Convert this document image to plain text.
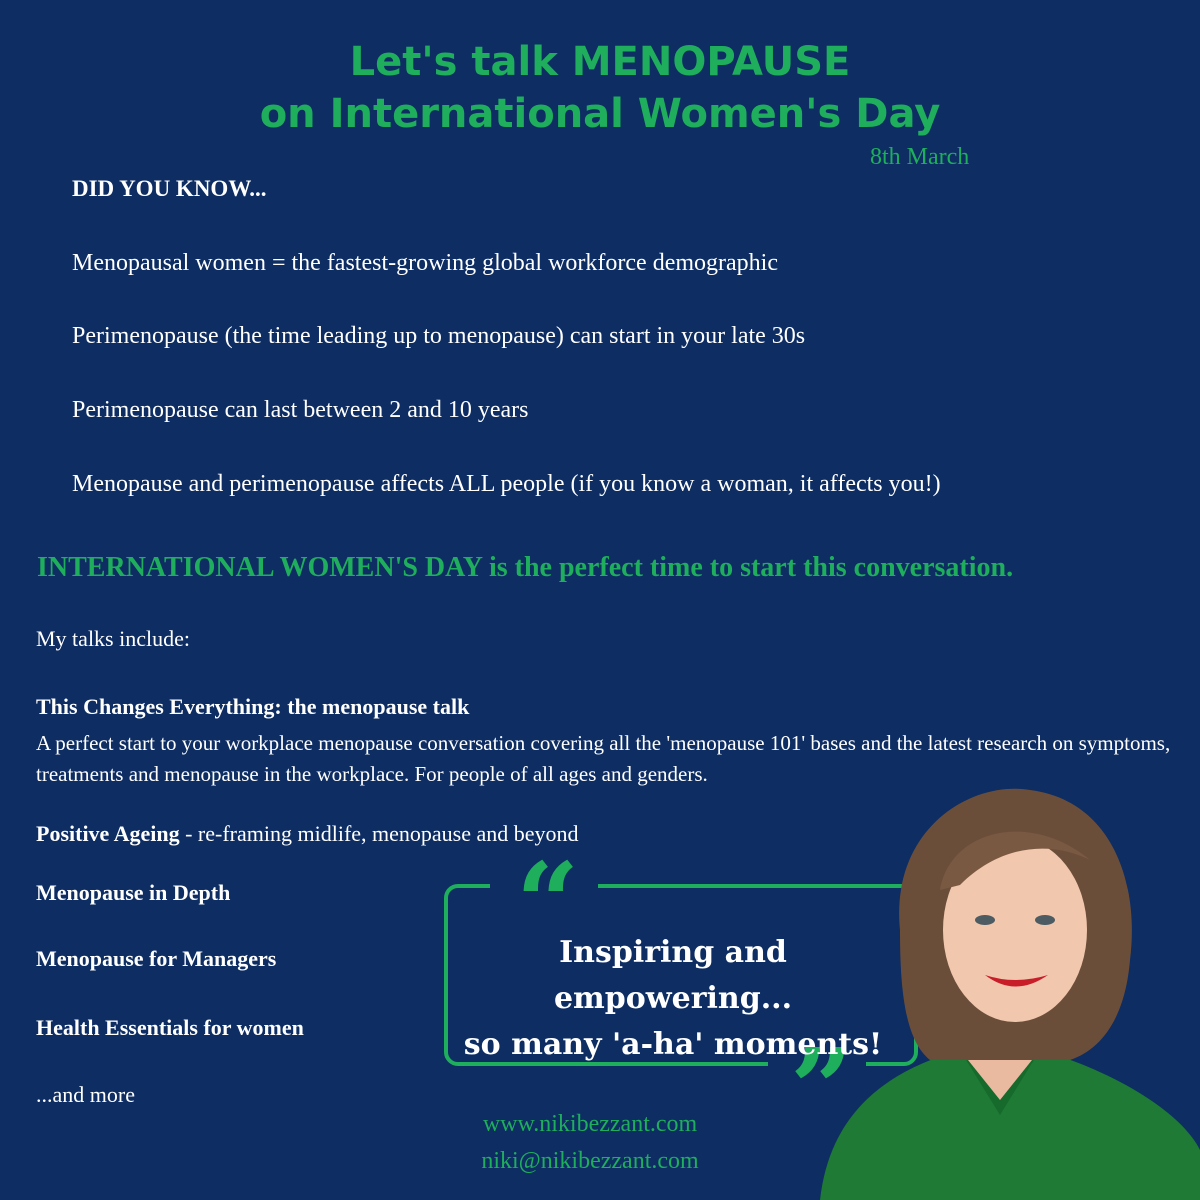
Let's talk MENOPAUSE
on International Women's Day
8th March
DID YOU KNOW...
Menopausal women = the fastest-growing global workforce demographic
Perimenopause (the time leading up to menopause) can start in your late 30s
Perimenopause can last between 2 and 10 years
Menopause and perimenopause affects ALL people (if you know a woman, it affects you!)
INTERNATIONAL WOMEN'S DAY is the perfect time to start this conversation.
My talks include:
This Changes Everything: the menopause talk
A perfect start to your workplace menopause conversation covering all the 'menopause 101' bases and the latest research on symptoms, treatments and menopause in the workplace. For people of all ages and genders.
Positive Ageing - re-framing midlife, menopause and beyond
Menopause in Depth
Menopause for Managers
Health Essentials for women
...and more
“
”
Inspiring and empowering...
so many 'a-ha' moments!
www.nikibezzant.com
niki@nikibezzant.com
